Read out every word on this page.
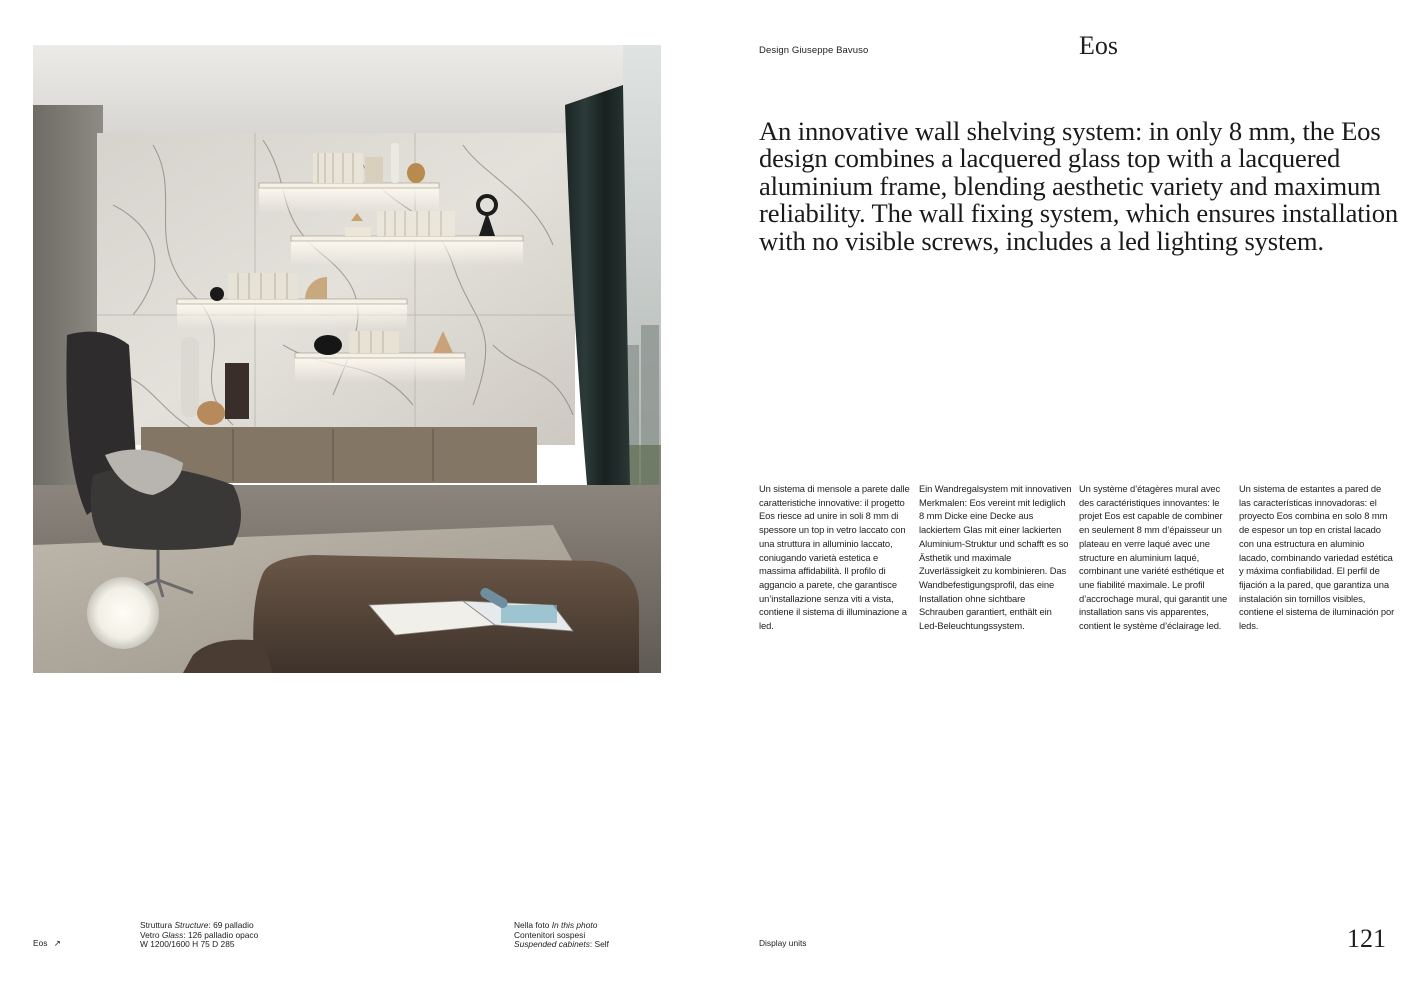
Design Giuseppe Bavuso	Eos

An innovative wall shelving system: in only 8 mm, the Eos design combines a lacquered glass top with a lacquered aluminium frame, blending aesthetic variety and maximum reliability. The wall fixing system, which ensures installation with no visible screws, includes a led lighting system.

Un sistema di mensole a parete dalle caratteristiche innovative: il progetto Eos riesce ad unire in soli 8 mm di spessore un top in vetro laccato con una struttura in alluminio laccato, coniugando varietà estetica e massima affidabilità. Il profilo di aggancio a parete, che garantisce un’installazione senza viti a vista, contiene il sistema di illuminazione a led.

Ein Wandregalsystem mit innovativen Merkmalen: Eos vereint mit lediglich 8 mm Dicke eine Decke aus lackiertem Glas mit einer lackierten Aluminium-Struktur und schafft es so Ästhetik und maximale Zuverlässigkeit zu kombinieren. Das Wandbefestigungsprofil, das eine Installation ohne sichtbare Schrauben garantiert, enthält ein Led-Beleuchtungssystem.

Un système d’étagères mural avec des caractéristiques innovantes: le projet Eos est capable de combiner en seulement 8 mm d’épaisseur un plateau en verre laqué avec une structure en aluminium laqué, combinant une variété esthétique et une fiabilité maximale. Le profil d’accrochage mural, qui garantit une installation sans vis apparentes, contient le système d’éclairage led.

Un sistema de estantes a pared de las características innovadoras: el proyecto Eos combina en solo 8 mm de espesor un top en cristal lacado con una estructura en aluminio lacado, combinando variedad estética y máxima confiabilidad. El perfil de fijación a la pared, que garantiza una instalación sin tornillos visibles, contiene el sistema de iluminación por leds.

Eos ↗
Struttura Structure: 69 palladio
Vetro Glass: 126 palladio opaco
W 1200/1600 H 75 D 285
Nella foto In this photo
Contenitori sospesi
Suspended cabinets: Self	Display units	121
